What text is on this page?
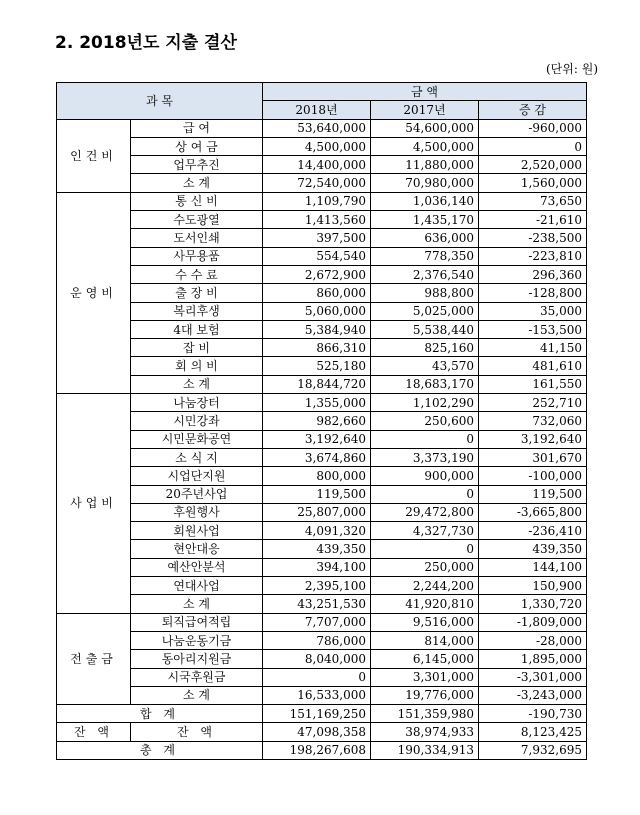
2. 2018년도 지출 결산
(단위: 원)
과 목		금 액		
		2018년	2017년	증 감
인건비	급 여	53,640,000	54,600,000	-960,000
	상 여 금	4,500,000	4,500,000	0
	업무추진	14,400,000	11,880,000	2,520,000
	소 계	72,540,000	70,980,000	1,560,000
운영비	통 신 비	1,109,790	1,036,140	73,650
	수도광열	1,413,560	1,435,170	-21,610
	도서인쇄	397,500	636,000	-238,500
	사무용품	554,540	778,350	-223,810
	수 수 료	2,672,900	2,376,540	296,360
	출 장 비	860,000	988,800	-128,800
	복리후생	5,060,000	5,025,000	35,000
	4대 보험	5,384,940	5,538,440	-153,500
	잡 비	866,310	825,160	41,150
	회 의 비	525,180	43,570	481,610
	소 계	18,844,720	18,683,170	161,550
사업비	나눔장터	1,355,000	1,102,290	252,710
	시민강좌	982,660	250,600	732,060
	시민문화공연	3,192,640	0	3,192,640
	소 식 지	3,674,860	3,373,190	301,670
	시업단지원	800,000	900,000	-100,000
	20주년사업	119,500	0	119,500
	후원행사	25,807,000	29,472,800	-3,665,800
	회원사업	4,091,320	4,327,730	-236,410
	현안대응	439,350	0	439,350
	예산안분석	394,100	250,000	144,100
	연대사업	2,395,100	2,244,200	150,900
	소 계	43,251,530	41,920,810	1,330,720
전출금	퇴직급여적립	7,707,000	9,516,000	-1,809,000
	나눔운동기금	786,000	814,000	-28,000
	동아리지원금	8,040,000	6,145,000	1,895,000
	시국후원금	0	3,301,000	-3,301,000
	소 계	16,533,000	19,776,000	-3,243,000
합 계		151,169,250	151,359,980	-190,730
잔 액	잔 액	47,098,358	38,974,933	8,123,425
총 계		198,267,608	190,334,913	7,932,695
